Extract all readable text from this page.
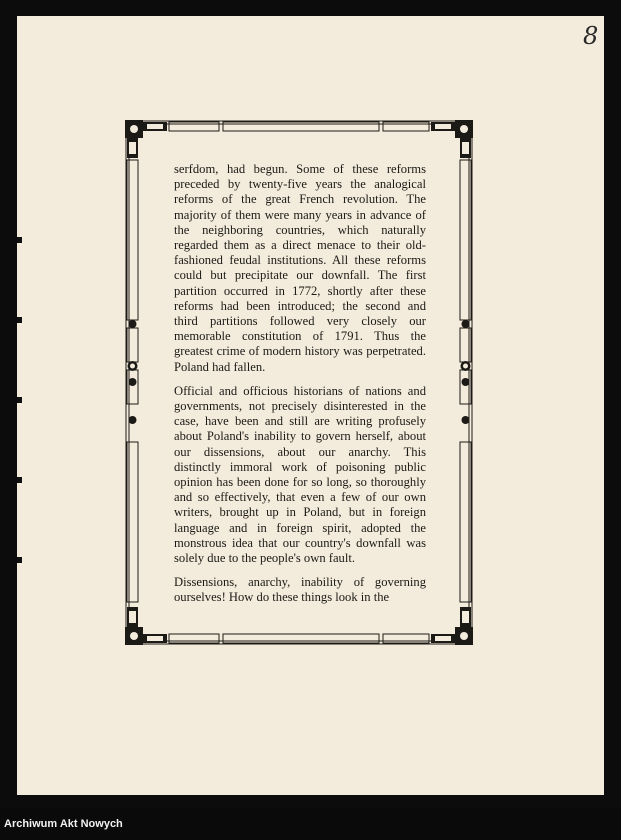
8

serfdom, had begun. Some of these reforms preceded by twenty-five years the analogical reforms of the great French revolution. The majority of them were many years in advance of the neighboring countries, which naturally regarded them as a direct menace to their old-fashioned feudal institutions. All these reforms could but precipitate our downfall. The first partition occurred in 1772, shortly after these reforms had been introduced; the second and third partitions followed very closely our memorable constitution of 1791. Thus the greatest crime of modern history was perpetrated. Poland had fallen.

Official and officious historians of nations and governments, not precisely disinterested in the case, have been and still are writing profusely about Poland's inability to govern herself, about our dissensions, about our anarchy. This distinctly immoral work of poisoning public opinion has been done for so long, so thoroughly and so effectively, that even a few of our own writers, brought up in Poland, but in foreign language and in foreign spirit, adopted the monstrous idea that our country's downfall was solely due to the people's own fault.

Dissensions, anarchy, inability of governing ourselves! How do these things look in the

Archiwum Akt Nowych
